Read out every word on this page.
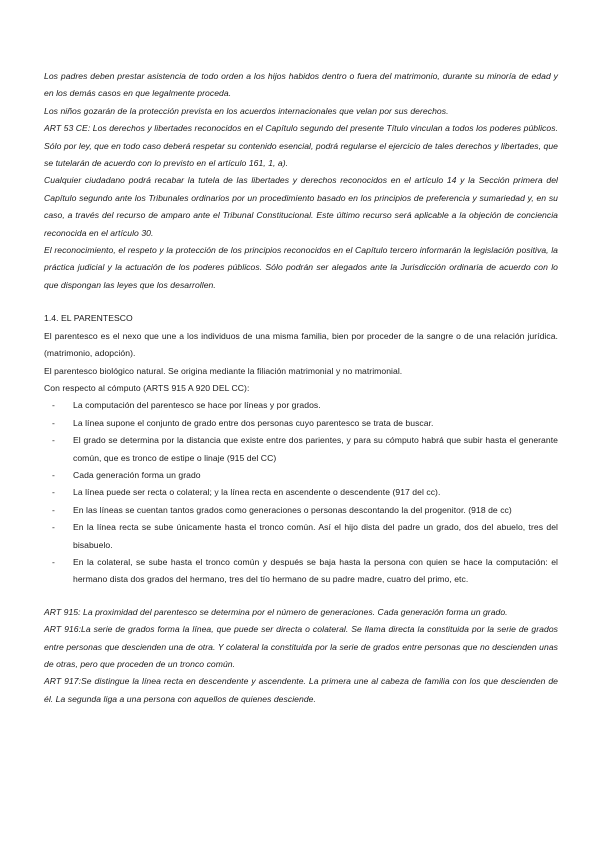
Los padres deben prestar asistencia de todo orden a los hijos habidos dentro o fuera del matrimonio, durante su minoría de edad y en los demás casos en que legalmente proceda.

Los niños gozarán de la protección prevista en los acuerdos internacionales que velan por sus derechos.

ART 53 CE: Los derechos y libertades reconocidos en el Capítulo segundo del presente Título vinculan a todos los poderes públicos. Sólo por ley, que en todo caso deberá respetar su contenido esencial, podrá regularse el ejercicio de tales derechos y libertades, que se tutelarán de acuerdo con lo previsto en el artículo 161, 1, a).

Cualquier ciudadano podrá recabar la tutela de las libertades y derechos reconocidos en el artículo 14 y la Sección primera del Capítulo segundo ante los Tribunales ordinarios por un procedimiento basado en los principios de preferencia y sumariedad y, en su caso, a través del recurso de amparo ante el Tribunal Constitucional. Este último recurso será aplicable a la objeción de conciencia reconocida en el artículo 30.

El reconocimiento, el respeto y la protección de los principios reconocidos en el Capítulo tercero informarán la legislación positiva, la práctica judicial y la actuación de los poderes públicos. Sólo podrán ser alegados ante la Jurisdicción ordinaria de acuerdo con lo que dispongan las leyes que los desarrollen.

1.4. EL PARENTESCO

El parentesco es el nexo que une a los individuos de una misma familia, bien por proceder de la sangre o de una relación jurídica. (matrimonio, adopción).

El parentesco biológico natural. Se origina mediante la filiación matrimonial y no matrimonial.

Con respecto al cómputo (ARTS 915 A 920 DEL CC):

- La computación del parentesco se hace por líneas y por grados.
- La línea supone el conjunto de grado entre dos personas cuyo parentesco se trata de buscar.
- El grado se determina por la distancia que existe entre dos parientes, y para su cómputo habrá que subir hasta el generante común, que es tronco de estipe o linaje (915 del CC)
- Cada generación forma un grado
- La línea puede ser recta o colateral; y la línea recta en ascendente o descendente (917 del cc).
- En las líneas se cuentan tantos grados como generaciones o personas descontando la del progenitor. (918 de cc)
- En la línea recta se sube únicamente hasta el tronco común. Así el hijo dista del padre un grado, dos del abuelo, tres del bisabuelo.
- En la colateral, se sube hasta el tronco común y después se baja hasta la persona con quien se hace la computación: el hermano dista dos grados del hermano, tres del tío hermano de su padre madre, cuatro del primo, etc.

ART 915: La proximidad del parentesco se determina por el número de generaciones. Cada generación forma un grado.

ART 916:La serie de grados forma la línea, que puede ser directa o colateral. Se llama directa la constituida por la serie de grados entre personas que descienden una de otra. Y colateral la constituida por la serie de grados entre personas que no descienden unas de otras, pero que proceden de un tronco común.

ART 917:Se distingue la línea recta en descendente y ascendente. La primera une al cabeza de familia con los que descienden de él. La segunda liga a una persona con aquellos de quienes desciende.
